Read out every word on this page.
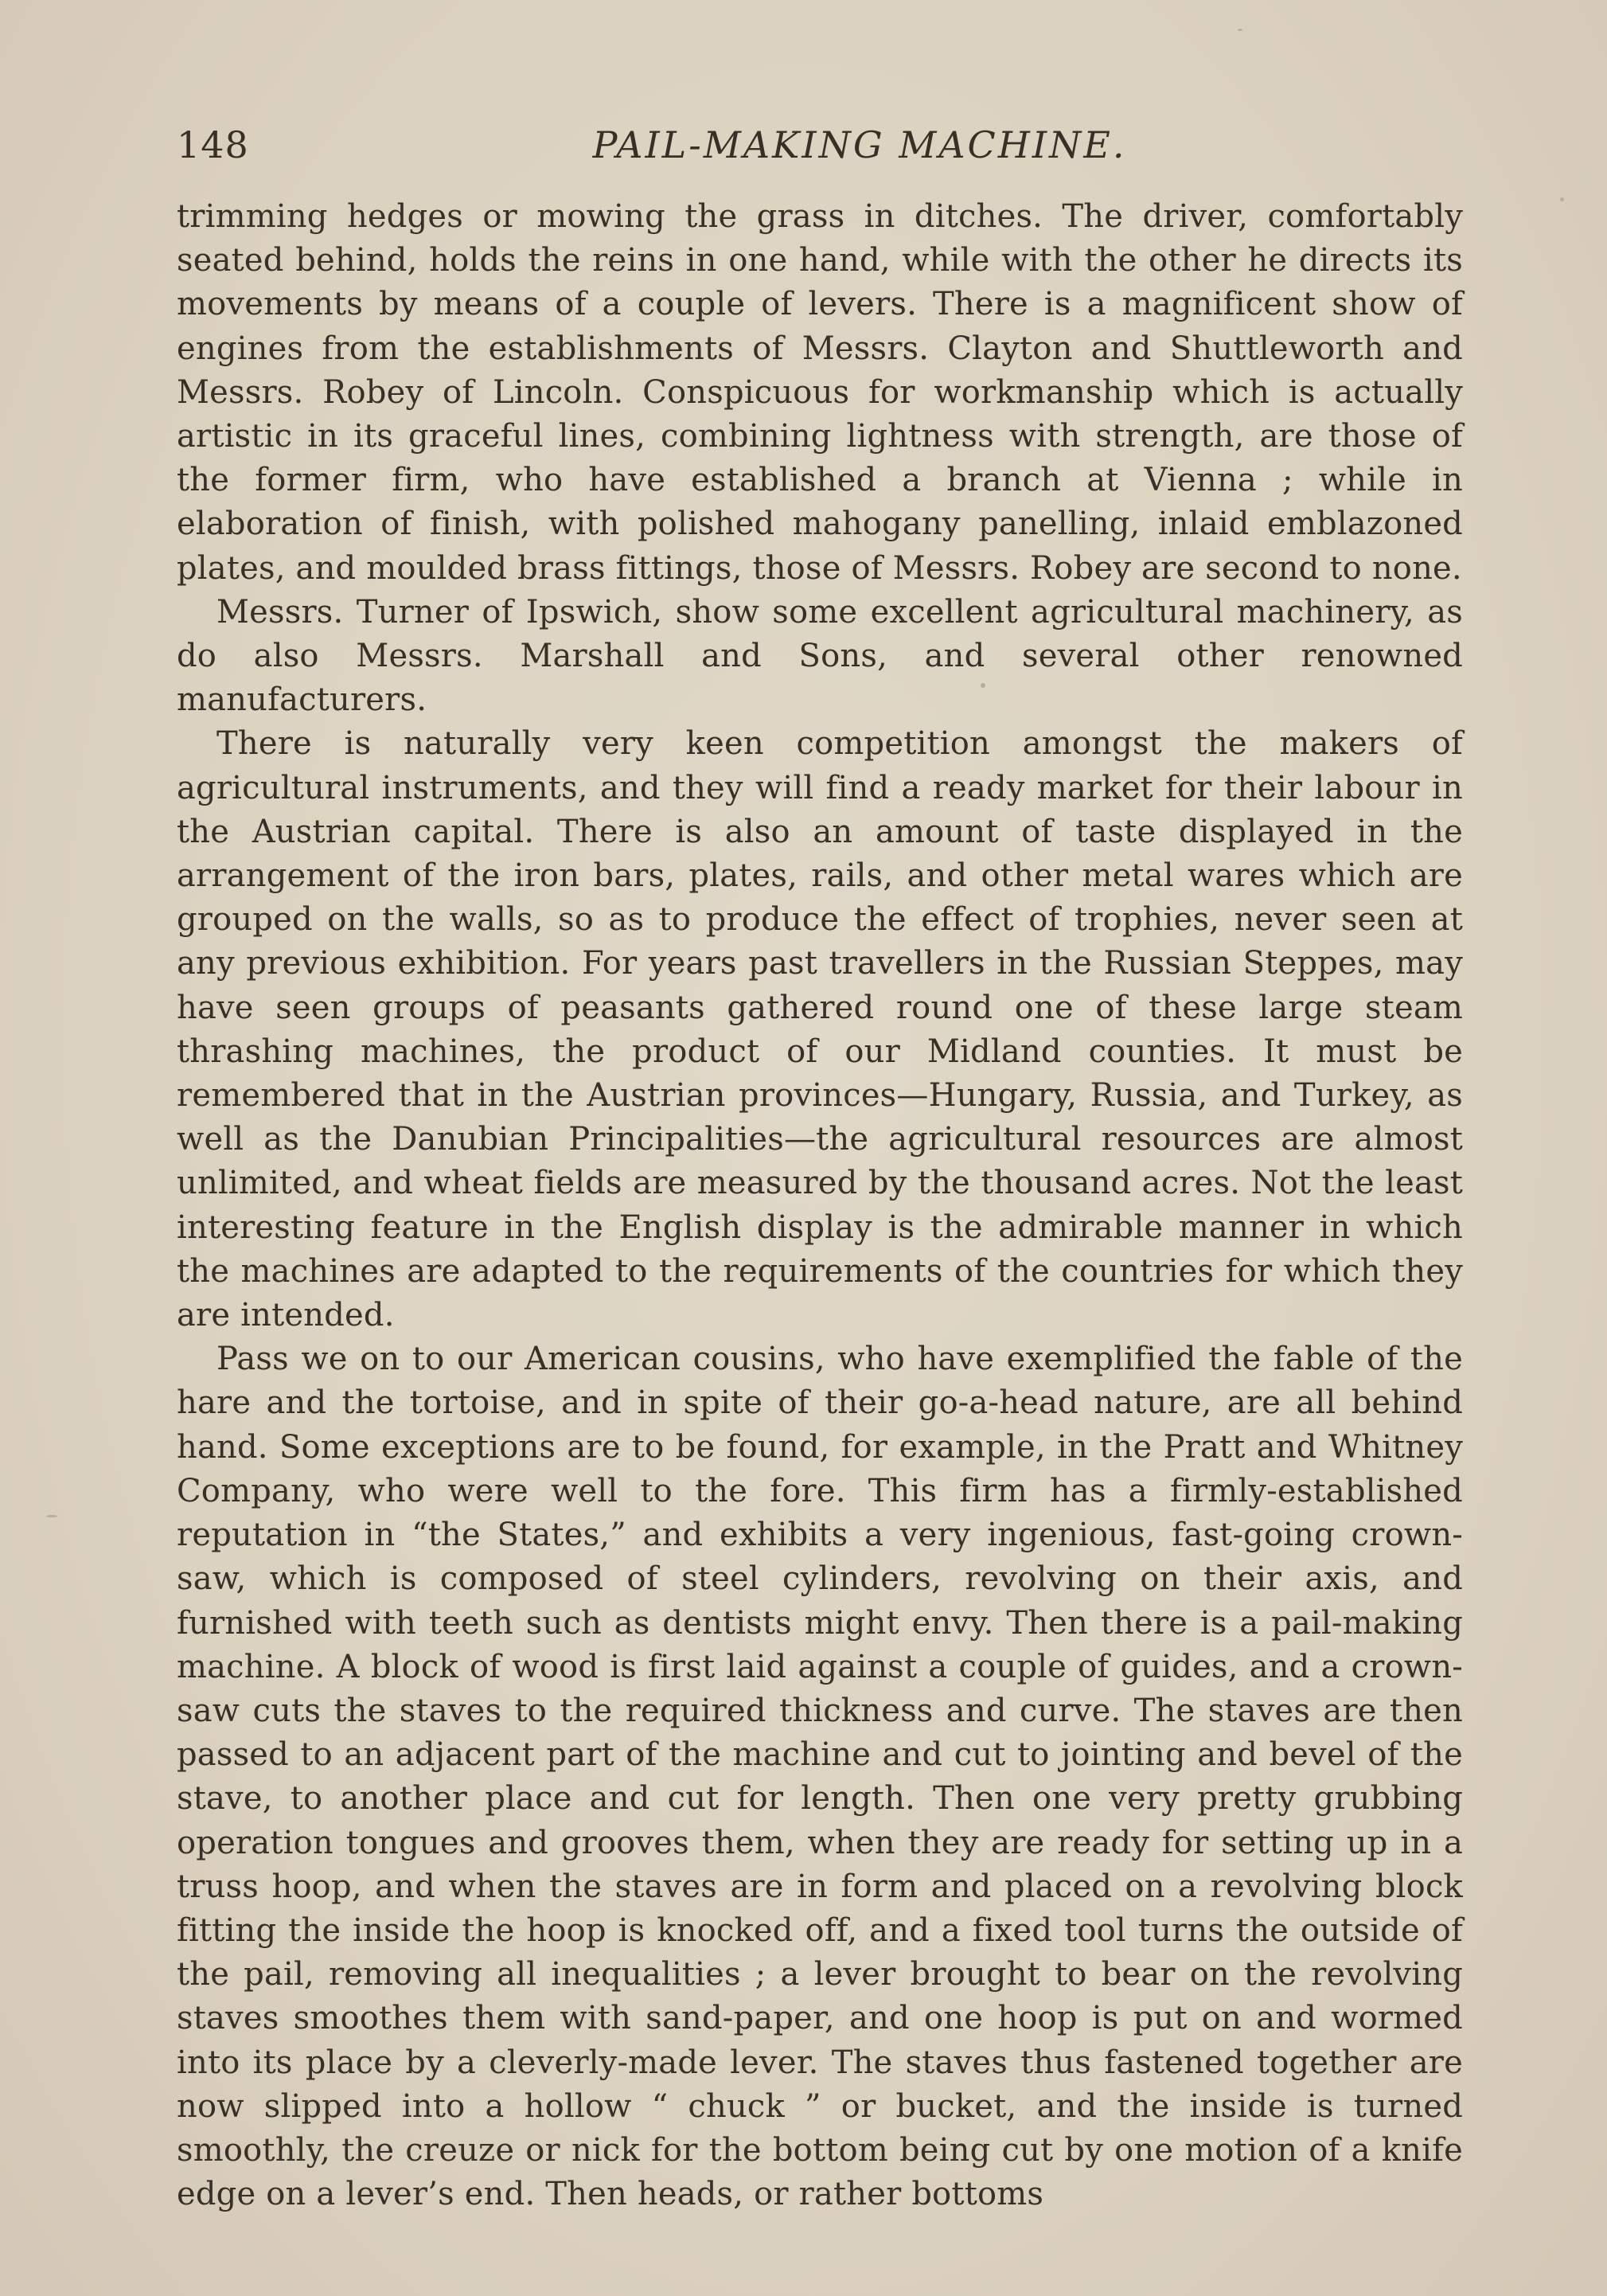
148	PAIL-MAKING MACHINE.

trimming hedges or mowing the grass in ditches. The driver, comfortably seated behind, holds the reins in one hand, while with the other he directs its movements by means of a couple of levers. There is a magnificent show of engines from the establishments of Messrs. Clayton and Shuttleworth and Messrs. Robey of Lincoln. Conspicuous for workmanship which is actually artistic in its graceful lines, combining lightness with strength, are those of the former firm, who have established a branch at Vienna ; while in elaboration of finish, with polished mahogany panelling, inlaid emblazoned plates, and moulded brass fittings, those of Messrs. Robey are second to none.

Messrs. Turner of Ipswich, show some excellent agricultural machinery, as do also Messrs. Marshall and Sons, and several other renowned manufacturers.

There is naturally very keen competition amongst the makers of agricultural instruments, and they will find a ready market for their labour in the Austrian capital. There is also an amount of taste displayed in the arrangement of the iron bars, plates, rails, and other metal wares which are grouped on the walls, so as to produce the effect of trophies, never seen at any previous exhibition. For years past travellers in the Russian Steppes, may have seen groups of peasants gathered round one of these large steam thrashing machines, the product of our Midland counties. It must be remembered that in the Austrian provinces—Hungary, Russia, and Turkey, as well as the Danubian Principalities—the agricultural resources are almost unlimited, and wheat fields are measured by the thousand acres. Not the least interesting feature in the English display is the admirable manner in which the machines are adapted to the requirements of the countries for which they are intended.

Pass we on to our American cousins, who have exemplified the fable of the hare and the tortoise, and in spite of their go-a-head nature, are all behind hand. Some exceptions are to be found, for example, in the Pratt and Whitney Company, who were well to the fore. This firm has a firmly-established reputation in “the States,” and exhibits a very ingenious, fast-going crown-saw, which is composed of steel cylinders, revolving on their axis, and furnished with teeth such as dentists might envy. Then there is a pail-making machine. A block of wood is first laid against a couple of guides, and a crown-saw cuts the staves to the required thickness and curve. The staves are then passed to an adjacent part of the machine and cut to jointing and bevel of the stave, to another place and cut for length. Then one very pretty grubbing operation tongues and grooves them, when they are ready for setting up in a truss hoop, and when the staves are in form and placed on a revolving block fitting the inside the hoop is knocked off, and a fixed tool turns the outside of the pail, removing all inequalities ; a lever brought to bear on the revolving staves smoothes them with sand-paper, and one hoop is put on and wormed into its place by a cleverly-made lever. The staves thus fastened together are now slipped into a hollow “ chuck ” or bucket, and the inside is turned smoothly, the creuze or nick for the bottom being cut by one motion of a knife edge on a lever’s end. Then heads, or rather bottoms
